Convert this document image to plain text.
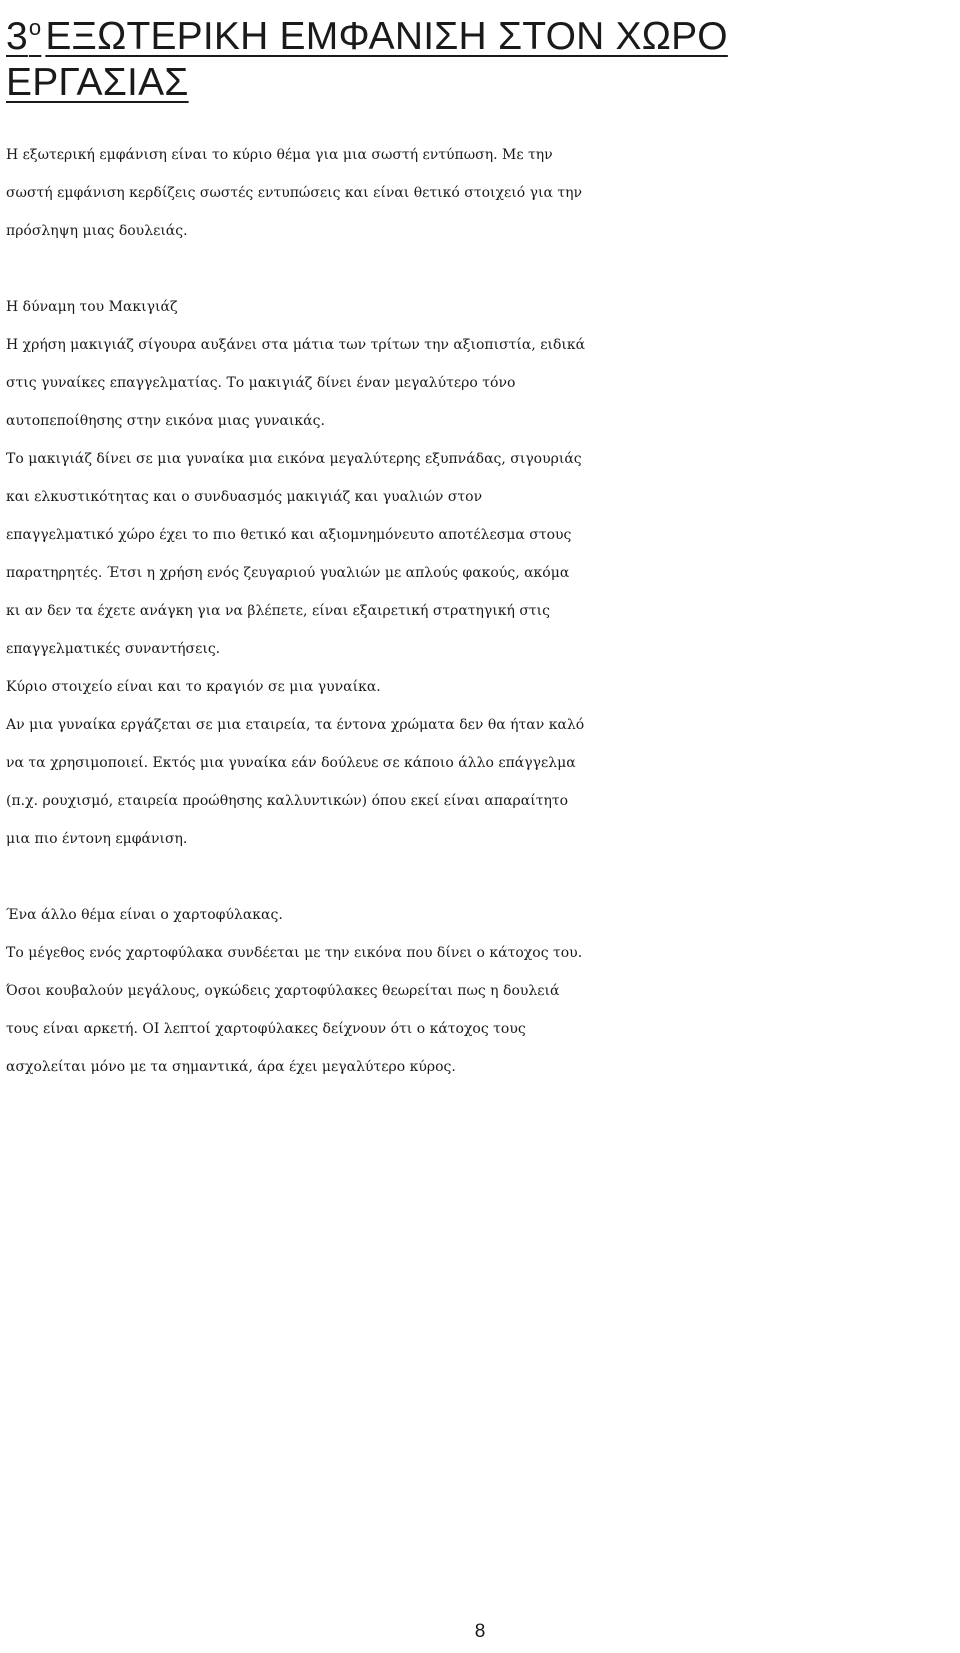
$3^o$ ΕΞΩΤΕΡΙΚΗ ΕΜΦΑΝΙΣΗ ΣΤΟΝ ΧΩΡΟ
ΕΡΓΑΣΙΑΣ
Η εξωτερική εμφάνιση είναι το κύριο θέμα για μια σωστή εντύπωση. Με την
σωστή εμφάνιση κερδίζεις σωστές εντυπώσεις και είναι θετικό στοιχειό για την
πρόσληψη μιας δουλειάς.
Η δύναμη του Μακιγιάζ
Η χρήση μακιγιάζ σίγουρα αυξάνει στα μάτια των τρίτων την αξιοπιστία, ειδικά
στις γυναίκες επαγγελματίας. Το μακιγιάζ δίνει έναν μεγαλύτερο τόνο
αυτοπεποίθησης στην εικόνα μιας γυναικάς.
Το μακιγιάζ δίνει σε μια γυναίκα μια εικόνα μεγαλύτερης εξυπνάδας, σιγουριάς
και ελκυστικότητας και ο συνδυασμός μακιγιάζ και γυαλιών στον
επαγγελματικό χώρο έχει το πιο θετικό και αξιομνημόνευτο αποτέλεσμα στους
παρατηρητές. Έτσι η χρήση ενός ζευγαριού γυαλιών με απλούς φακούς, ακόμα
κι αν δεν τα έχετε ανάγκη για να βλέπετε, είναι εξαιρετική στρατηγική στις
επαγγελματικές συναντήσεις.
Κύριο στοιχείο είναι και το κραγιόν σε μια γυναίκα.
Αν μια γυναίκα εργάζεται σε μια εταιρεία, τα έντονα χρώματα δεν θα ήταν καλό
να τα χρησιμοποιεί. Εκτός μια γυναίκα εάν δούλευε σε κάποιο άλλο επάγγελμα
(π.χ. ρουχισμό, εταιρεία προώθησης καλλυντικών) όπου εκεί είναι απαραίτητο
μια πιο έντονη εμφάνιση.
Ένα άλλο θέμα είναι ο χαρτοφύλακας.
Το μέγεθος ενός χαρτοφύλακα συνδέεται με την εικόνα που δίνει ο κάτοχος του.
Όσοι κουβαλούν μεγάλους, ογκώδεις χαρτοφύλακες θεωρείται πως η δουλειά
τους είναι αρκετή. ΟΙ λεπτοί χαρτοφύλακες δείχνουν ότι ο κάτοχος τους
ασχολείται μόνο με τα σημαντικά, άρα έχει μεγαλύτερο κύρος.
8
